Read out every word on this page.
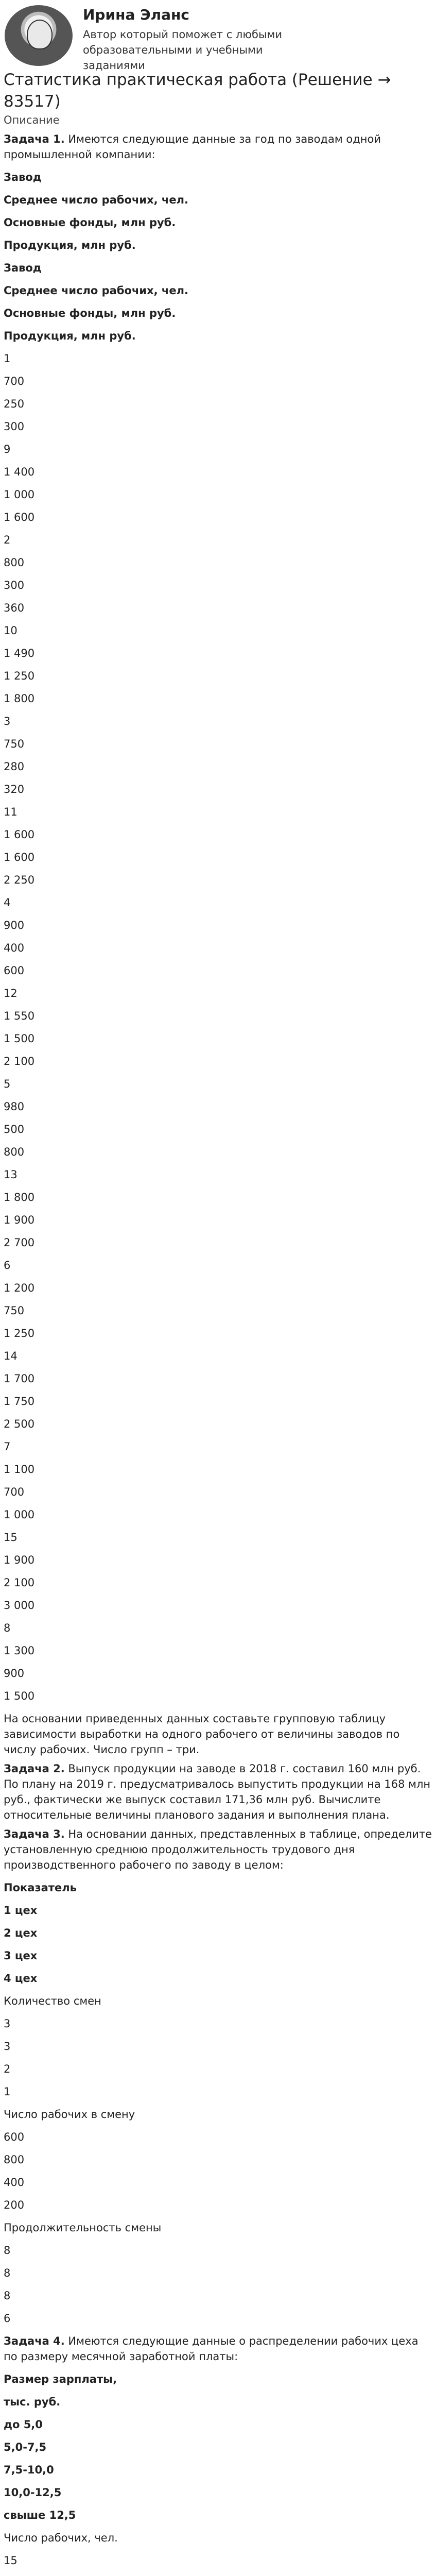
Ирина Эланс
Автор который поможет с любыми образовательными и учебными заданиями
Статистика практическая работа (Решение → 83517)
Описание
Задача 1. Имеются следующие данные за год по заводам одной промышленной компании:
Завод
Среднее число рабочих, чел.
Основные фонды, млн руб.
Продукция, млн руб.
Завод
Среднее число рабочих, чел.
Основные фонды, млн руб.
Продукция, млн руб.
1
700
250
300
9
1 400
1 000
1 600
2
800
300
360
10
1 490
1 250
1 800
3
750
280
320
11
1 600
1 600
2 250
4
900
400
600
12
1 550
1 500
2 100
5
980
500
800
13
1 800
1 900
2 700
6
1 200
750
1 250
14
1 700
1 750
2 500
7
1 100
700
1 000
15
1 900
2 100
3 000
8
1 300
900
1 500
На основании приведенных данных составьте групповую таблицу зависимости выработки на одного рабочего от величины заводов по числу рабочих. Число групп – три.
Задача 2. Выпуск продукции на заводе в 2018 г. составил 160 млн руб. По плану на 2019 г. предусматривалось выпустить продукции на 168 млн руб., фактически же выпуск составил 171,36 млн руб. Вычислите относительные величины планового задания и выполнения плана.
Задача 3. На основании данных, представленных в таблице, определите установленную среднюю продолжительность трудового дня производственного рабочего по заводу в целом:
Показатель
1 цех
2 цех
3 цех
4 цех
Количество смен
3
3
2
1
Число рабочих в смену
600
800
400
200
Продолжительность смены
8
8
8
6
Задача 4. Имеются следующие данные о распределении рабочих цеха по размеру месячной заработной платы:
Размер зарплаты,
тыс. руб.
до 5,0
5,0-7,5
7,5-10,0
10,0-12,5
свыше 12,5
Число рабочих, чел.
15
